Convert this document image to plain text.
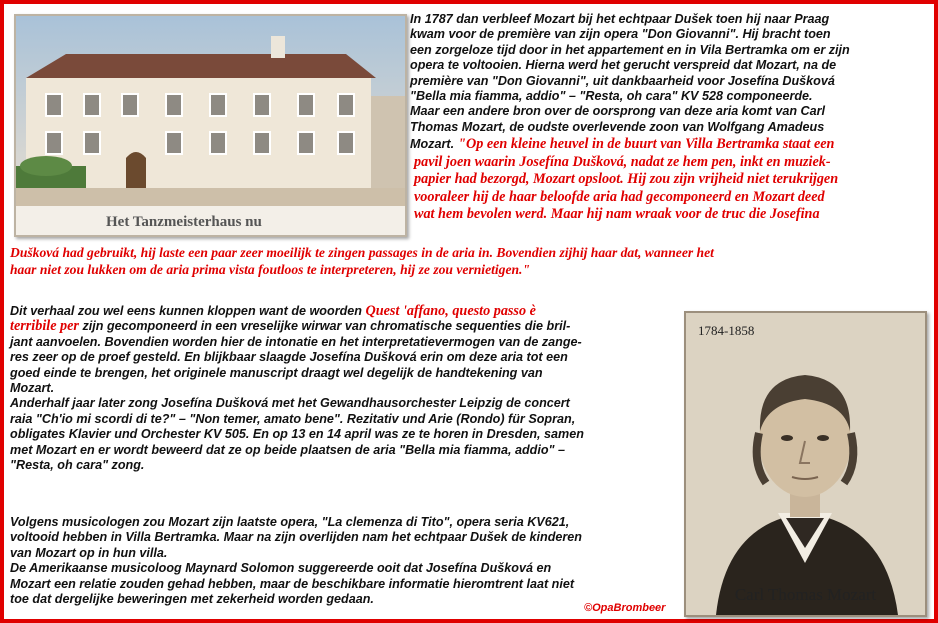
Het Tanzmeisterhaus nu
In 1787 dan verbleef Mozart bij het echtpaar Dušek toen hij naar Praag
kwam voor de première van zijn opera "Don Giovanni". Hij bracht toen
een zorgeloze tijd door in het appartement en in Vila Bertramka om er zijn
opera te voltooien. Hierna werd het gerucht verspreid dat Mozart, na de
première van "Don Giovanni", uit dankbaarheid voor Josefína Dušková
"Bella mia fiamma, addio" – "Resta, oh cara" KV 528 componeerde.
Maar een andere bron over de oorsprong van deze aria komt van Carl
Thomas Mozart, de oudste overlevende zoon van Wolfgang Amadeus
Mozart. "Op een kleine heuvel in de buurt van Villa Bertramka staat een
pavil joen waarin Josefína Dušková, nadat ze hem pen, inkt en muziek-
papier had bezorgd, Mozart opsloot. Hij zou zijn vrijheid niet terukrijgen
vooraleer hij de haar beloofde aria had gecomponeerd en Mozart deed
wat hem bevolen werd. Maar hij nam wraak voor de truc die Josefina
Dušková had gebruikt, hij laste een paar zeer moeilijk te zingen passages in de aria in. Bovendien zijhij haar dat, wanneer het
haar niet zou lukken om de aria prima vista foutloos te interpreteren, hij ze zou vernietigen."
Dit verhaal zou wel eens kunnen kloppen want de woorden Quest 'affano, questo passo è
terribile per zijn gecomponeerd in een vreselijke wirwar van chromatische sequenties die bril-
jant aanvoelen. Bovendien worden hier de intonatie en het interpretatievermogen van de zange-
res zeer op de proef gesteld. En blijkbaar slaagde Josefína Dušková erin om deze aria tot een
goed einde te brengen, het originele manuscript draagt wel degelijk de handtekening van
Mozart.
Anderhalf jaar later zong Josefína Dušková met het Gewandhausorchester Leipzig de concert
raia "Ch'io mi scordi di te?" – "Non temer, amato bene". Rezitativ und Arie (Rondo) für Sopran,
obligates Klavier und Orchester KV 505. En op 13 en 14 april was ze te horen in Dresden, samen
met Mozart en er wordt beweerd dat ze op beide plaatsen de aria "Bella mia fiamma, addio" –
"Resta, oh cara" zong.
Volgens musicologen zou Mozart zijn laatste opera, "La clemenza di Tito", opera seria KV621,
voltooid hebben in Villa Bertramka. Maar na zijn overlijden nam het echtpaar Dušek de kinderen
van Mozart op in hun villa.
De Amerikaanse musicoloog Maynard Solomon suggereerde ooit dat Josefína Dušková en
Mozart een relatie zouden gehad hebben, maar de beschikbare informatie hieromtrent laat niet
toe dat dergelijke beweringen met zekerheid worden gedaan.
©OpaBrombeer
1784-1858
Carl Thomas Mozart
